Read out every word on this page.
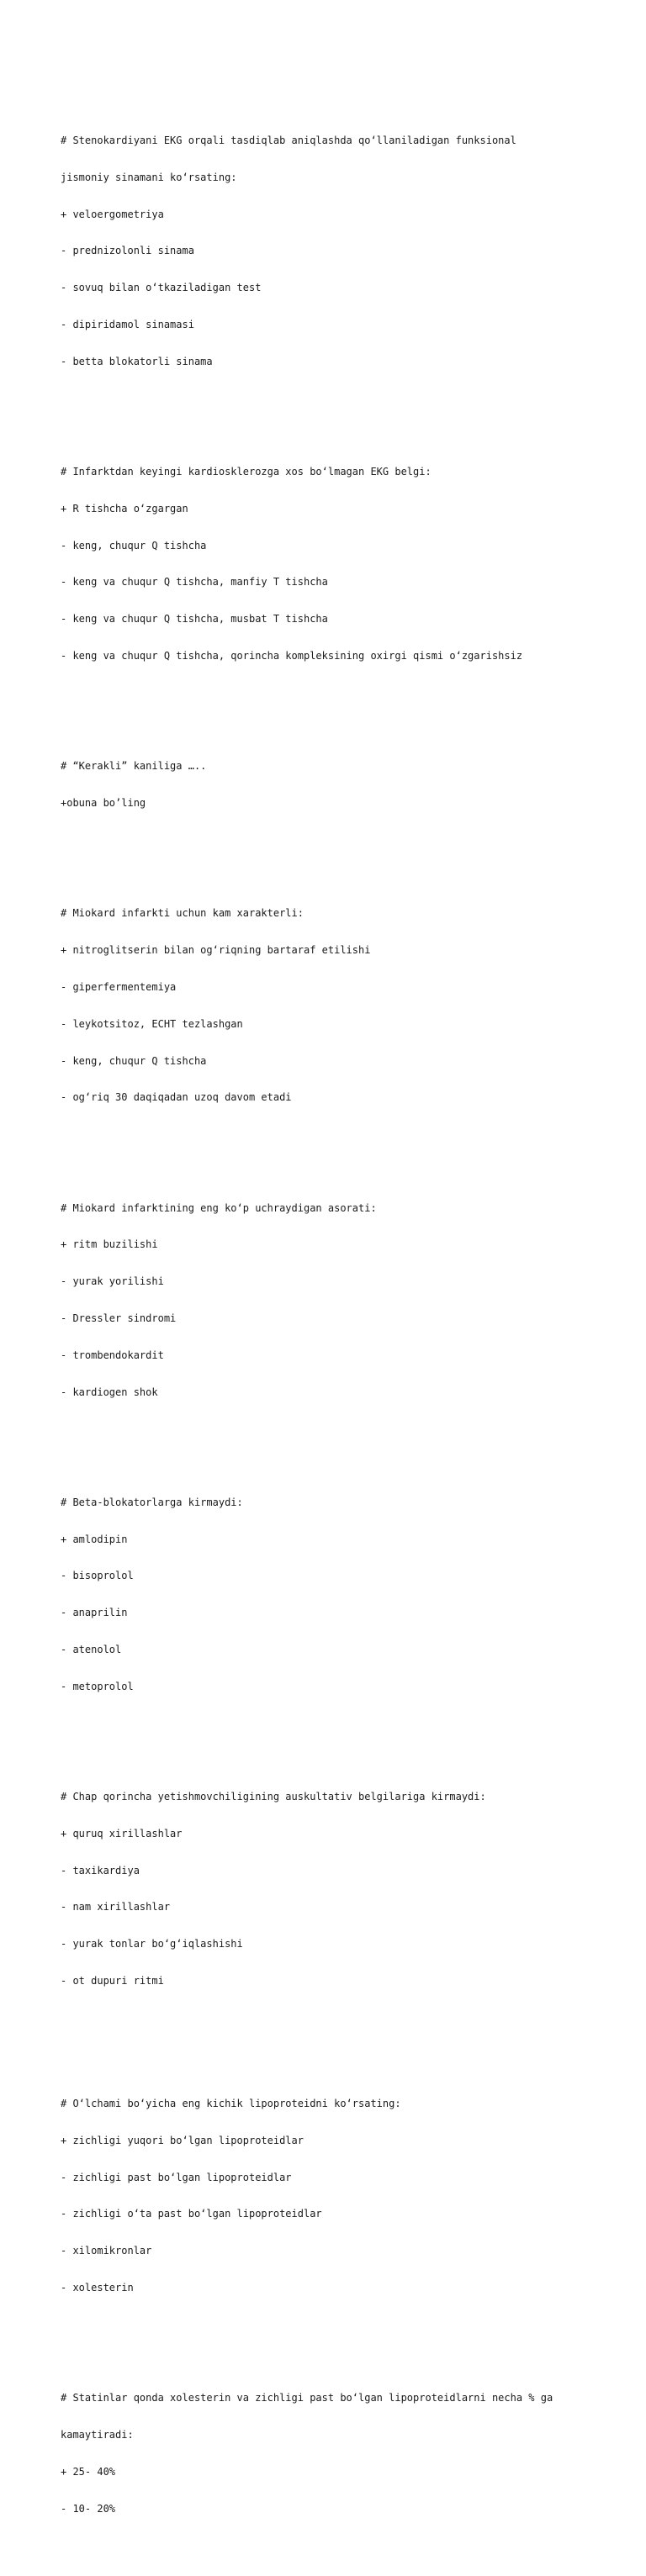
# Stenokardiyani EKG orqali tasdiqlab aniqlashda qo‘llaniladigan funksional

jismoniy sinamani ko‘rsating:

+ veloergometriya

- prednizolonli sinama

- sovuq bilan o‘tkaziladigan test

- dipiridamol sinamasi

- betta blokatorli sinama

# Infarktdan keyingi kardiosklerozga xos bo‘lmagan EKG belgi:

+ R tishcha o‘zgargan

- keng, chuqur Q tishcha

- keng va chuqur Q tishcha, manfiy T tishcha

- keng va chuqur Q tishcha, musbat T tishcha

- keng va chuqur Q tishcha, qorincha kompleksining oxirgi qismi o‘zgarishsiz

# “Kerakli” kaniliga …..

+obuna bo’ling

# Miokard infarkti uchun kam xarakterli:

+ nitroglitserin bilan og‘riqning bartaraf etilishi

- giperfermentemiya

- leykotsitoz, ECHT tezlashgan

- keng, chuqur Q tishcha

- og‘riq 30 daqiqadan uzoq davom etadi

# Miokard infarktining eng ko‘p uchraydigan asorati:

+ ritm buzilishi

- yurak yorilishi

- Dressler sindromi

- trombendokardit

- kardiogen shok

# Beta-blokatorlarga kirmaydi:

+ amlodipin

- bisoprolol

- anaprilin

- atenolol

- metoprolol

# Chap qorincha yetishmovchiligining auskultativ belgilariga kirmaydi:

+ quruq xirillashlar

- taxikardiya

- nam xirillashlar

- yurak tonlar bo‘g‘iqlashishi

- ot dupuri ritmi

# O‘lchami bo‘yicha eng kichik lipoproteidni ko‘rsating:

+ zichligi yuqori bo‘lgan lipoproteidlar

- zichligi past bo‘lgan lipoproteidlar

- zichligi o‘ta past bo‘lgan lipoproteidlar

- xilomikronlar

- xolesterin

# Statinlar qonda xolesterin va zichligi past bo‘lgan lipoproteidlarni necha % ga

kamaytiradi:

+ 25- 40%

- 10- 20%
